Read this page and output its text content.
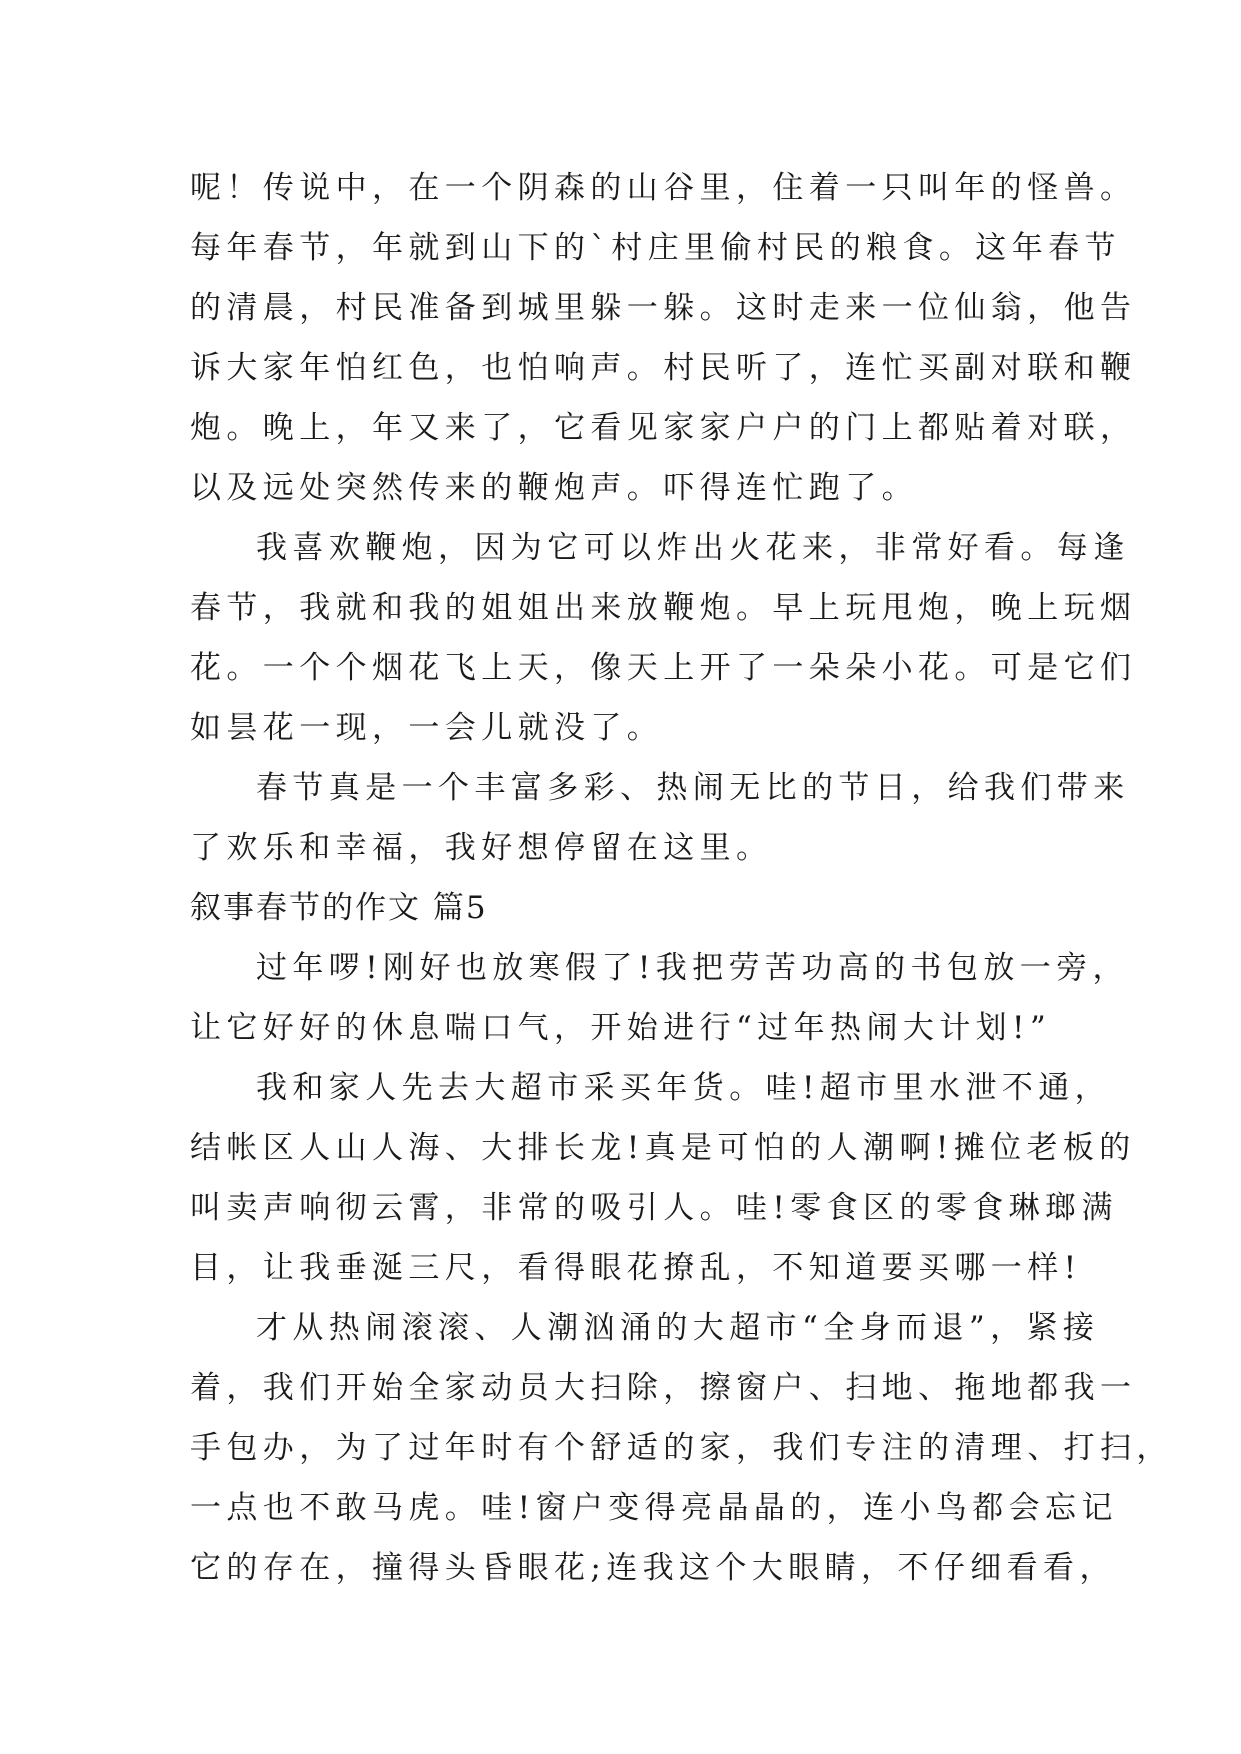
呢！传说中，在一个阴森的山谷里，住着一只叫年的怪兽。
每年春节，年就到山下的`村庄里偷村民的粮食。这年春节
的清晨，村民准备到城里躲一躲。这时走来一位仙翁，他告
诉大家年怕红色，也怕响声。村民听了，连忙买副对联和鞭
炮。晚上，年又来了，它看见家家户户的门上都贴着对联，
以及远处突然传来的鞭炮声。吓得连忙跑了。
我喜欢鞭炮，因为它可以炸出火花来，非常好看。每逢
春节，我就和我的姐姐出来放鞭炮。早上玩甩炮，晚上玩烟
花。一个个烟花飞上天，像天上开了一朵朵小花。可是它们
如昙花一现，一会儿就没了。
春节真是一个丰富多彩、热闹无比的节日，给我们带来
了欢乐和幸福，我好想停留在这里。
叙事春节的作文 篇5
过年啰!刚好也放寒假了!我把劳苦功高的书包放一旁，
让它好好的休息喘口气，开始进行“过年热闹大计划!”
我和家人先去大超市采买年货。哇!超市里水泄不通，
结帐区人山人海、大排长龙!真是可怕的人潮啊!摊位老板的
叫卖声响彻云霄，非常的吸引人。哇!零食区的零食琳瑯满
目，让我垂涎三尺，看得眼花撩乱，不知道要买哪一样!
才从热闹滚滚、人潮汹涌的大超市“全身而退”，紧接
着，我们开始全家动员大扫除，擦窗户、扫地、拖地都我一
手包办，为了过年时有个舒适的家，我们专注的清理、打扫，
一点也不敢马虎。哇!窗户变得亮晶晶的，连小鸟都会忘记
它的存在，撞得头昏眼花;连我这个大眼睛，不仔细看看，
